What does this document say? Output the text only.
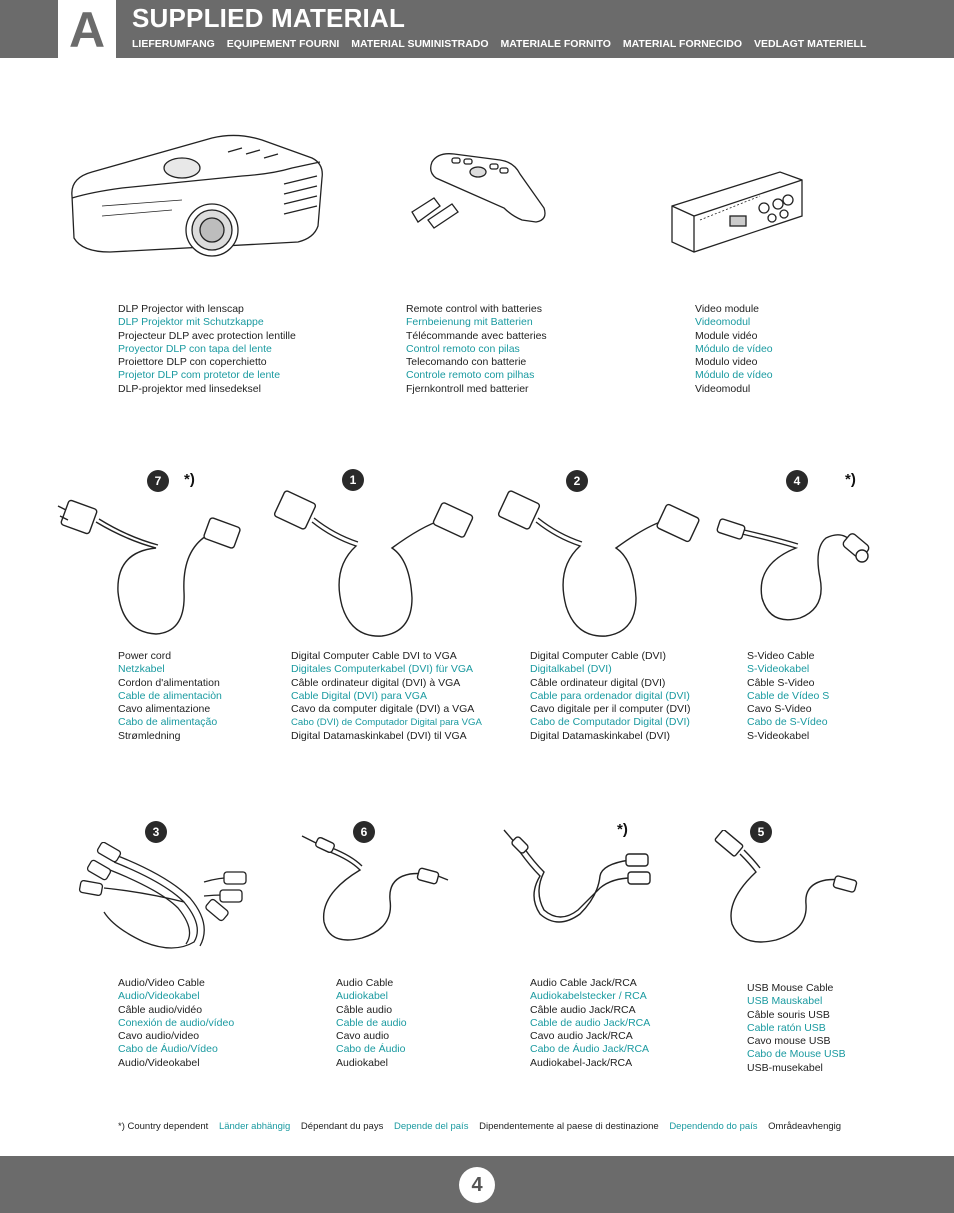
A	SUPPLIED MATERIAL
LIEFERUMFANG EQUIPEMENT FOURNI MATERIAL SUMINISTRADO MATERIALE FORNITO MATERIAL FORNECIDO VEDLAGT MATERIELL
DLP Projector with lenscap
DLP Projektor mit Schutzkappe
Projecteur DLP avec protection lentille
Proyector DLP con tapa del lente
Proiettore DLP con coperchietto
Projetor DLP com protetor de lente
DLP-projektor med linsedeksel
Remote control with batteries
Fernbeienung mit Batterien
Télécommande avec batteries
Control remoto con pilas
Telecomando con batterie
Controle remoto com pilhas
Fjernkontroll med batterier
Video module
Videomodul
Module vidéo
Módulo de vídeo
Modulo video
Módulo de vídeo
Videomodul
7	*)	1	2	4	*)
Power cord
Netzkabel
Cordon d'alimentation
Cable de alimentaciòn
Cavo alimentazione
Cabo de alimentação
Strømledning
Digital Computer Cable DVI to VGA
Digitales Computerkabel (DVI) für VGA
Câble ordinateur digital (DVI) à VGA
Cable Digital (DVI) para VGA
Cavo da computer digitale (DVI) a VGA
Cabo (DVI) de Computador Digital para VGA
Digital Datamaskinkabel (DVI) til VGA
Digital Computer Cable (DVI)
Digitalkabel (DVI)
Câble ordinateur digital (DVI)
Cable para ordenador digital (DVI)
Cavo digitale per il computer (DVI)
Cabo de Computador Digital (DVI)
Digital Datamaskinkabel (DVI)
S-Video Cable
S-Videokabel
Câble S-Video
Cable de Vídeo S
Cavo S-Video
Cabo de S-Vídeo
S-Videokabel
3	6	*)	5
Audio/Video Cable
Audio/Videokabel
Câble audio/vidéo
Conexión de audio/vídeo
Cavo audio/video
Cabo de Áudio/Vídeo
Audio/Videokabel
Audio Cable
Audiokabel
Câble audio
Cable de audio
Cavo audio
Cabo de Áudio
Audiokabel
Audio Cable Jack/RCA
Audiokabelstecker / RCA
Câble audio Jack/RCA
Cable de audio Jack/RCA
Cavo audio Jack/RCA
Cabo de Áudio Jack/RCA
Audiokabel-Jack/RCA
USB Mouse Cable
USB Mauskabel
Câble souris USB
Cable ratón USB
Cavo mouse USB
Cabo de Mouse USB
USB-musekabel
*) Country dependent Länder abhängig Dépendant du pays Depende del país Dipendentemente al paese di destinazione Dependendo do país Områdeavhengig
4
